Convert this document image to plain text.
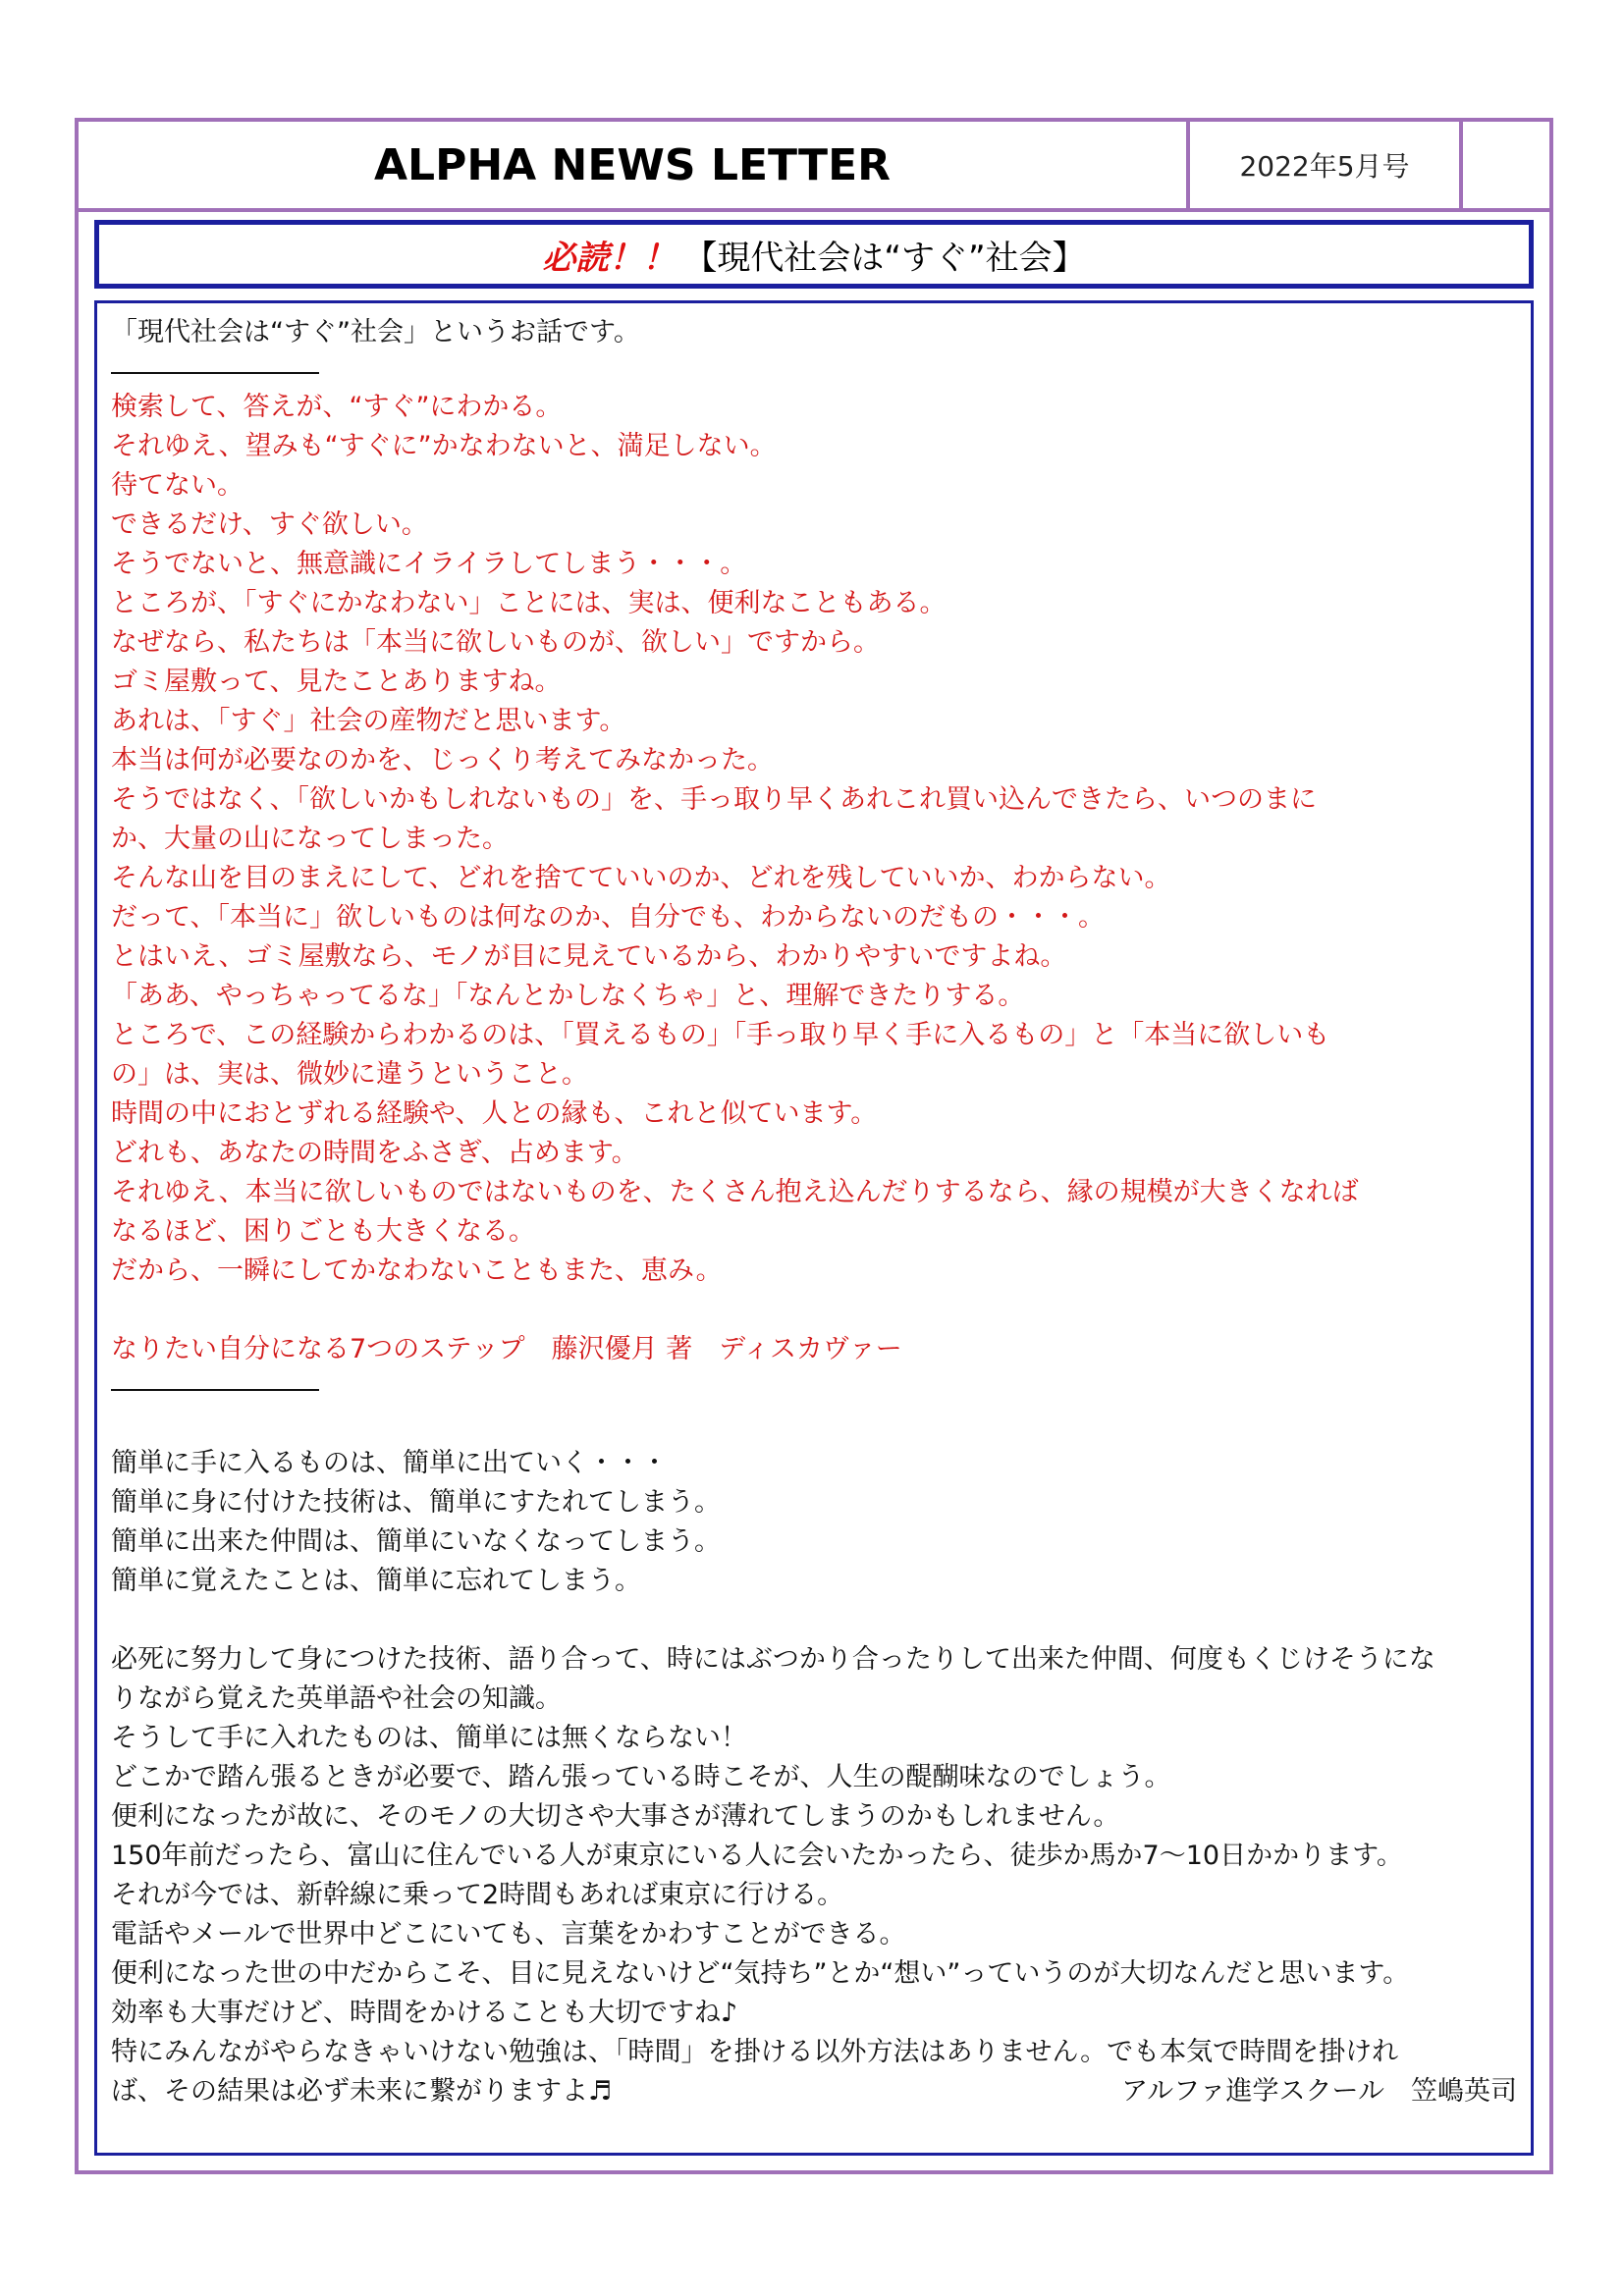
ALPHA NEWS LETTER	2022年5月号
必読！！ 【現代社会は“すぐ”社会】
「現代社会は“すぐ”社会」というお話です。
検索して、答えが、“すぐ”にわかる。
それゆえ、望みも“すぐに”かなわないと、満足しない。
待てない。
できるだけ、すぐ欲しい。
そうでないと、無意識にイライラしてしまう・・・。
ところが、「すぐにかなわない」ことには、実は、便利なこともある。
なぜなら、私たちは「本当に欲しいものが、欲しい」ですから。
ゴミ屋敷って、見たことありますね。
あれは、「すぐ」社会の産物だと思います。
本当は何が必要なのかを、じっくり考えてみなかった。
そうではなく、「欲しいかもしれないもの」を、手っ取り早くあれこれ買い込んできたら、いつのまに
か、大量の山になってしまった。
そんな山を目のまえにして、どれを捨てていいのか、どれを残していいか、わからない。
だって、「本当に」欲しいものは何なのか、自分でも、わからないのだもの・・・。
とはいえ、ゴミ屋敷なら、モノが目に見えているから、わかりやすいですよね。
「ああ、やっちゃってるな」「なんとかしなくちゃ」と、理解できたりする。
ところで、この経験からわかるのは、「買えるもの」「手っ取り早く手に入るもの」と「本当に欲しいも
の」は、実は、微妙に違うということ。
時間の中におとずれる経験や、人との縁も、これと似ています。
どれも、あなたの時間をふさぎ、占めます。
それゆえ、本当に欲しいものではないものを、たくさん抱え込んだりするなら、縁の規模が大きくなれば
なるほど、困りごとも大きくなる。
だから、一瞬にしてかなわないこともまた、恵み。
なりたい自分になる7つのステップ　藤沢優月 著　ディスカヴァー
簡単に手に入るものは、簡単に出ていく・・・
簡単に身に付けた技術は、簡単にすたれてしまう。
簡単に出来た仲間は、簡単にいなくなってしまう。
簡単に覚えたことは、簡単に忘れてしまう。
必死に努力して身につけた技術、語り合って、時にはぶつかり合ったりして出来た仲間、何度もくじけそうにな
りながら覚えた英単語や社会の知識。
そうして手に入れたものは、簡単には無くならない！
どこかで踏ん張るときが必要で、踏ん張っている時こそが、人生の醍醐味なのでしょう。
便利になったが故に、そのモノの大切さや大事さが薄れてしまうのかもしれません。
150年前だったら、富山に住んでいる人が東京にいる人に会いたかったら、徒歩か馬か7～10日かかります。
それが今では、新幹線に乗って2時間もあれば東京に行ける。
電話やメールで世界中どこにいても、言葉をかわすことができる。
便利になった世の中だからこそ、目に見えないけど“気持ち”とか“想い”っていうのが大切なんだと思います。
効率も大事だけど、時間をかけることも大切ですね♪
特にみんながやらなきゃいけない勉強は、「時間」を掛ける以外方法はありません。でも本気で時間を掛けれ
ば、その結果は必ず未来に繋がりますよ♬	アルファ進学スクール　笠嶋英司
